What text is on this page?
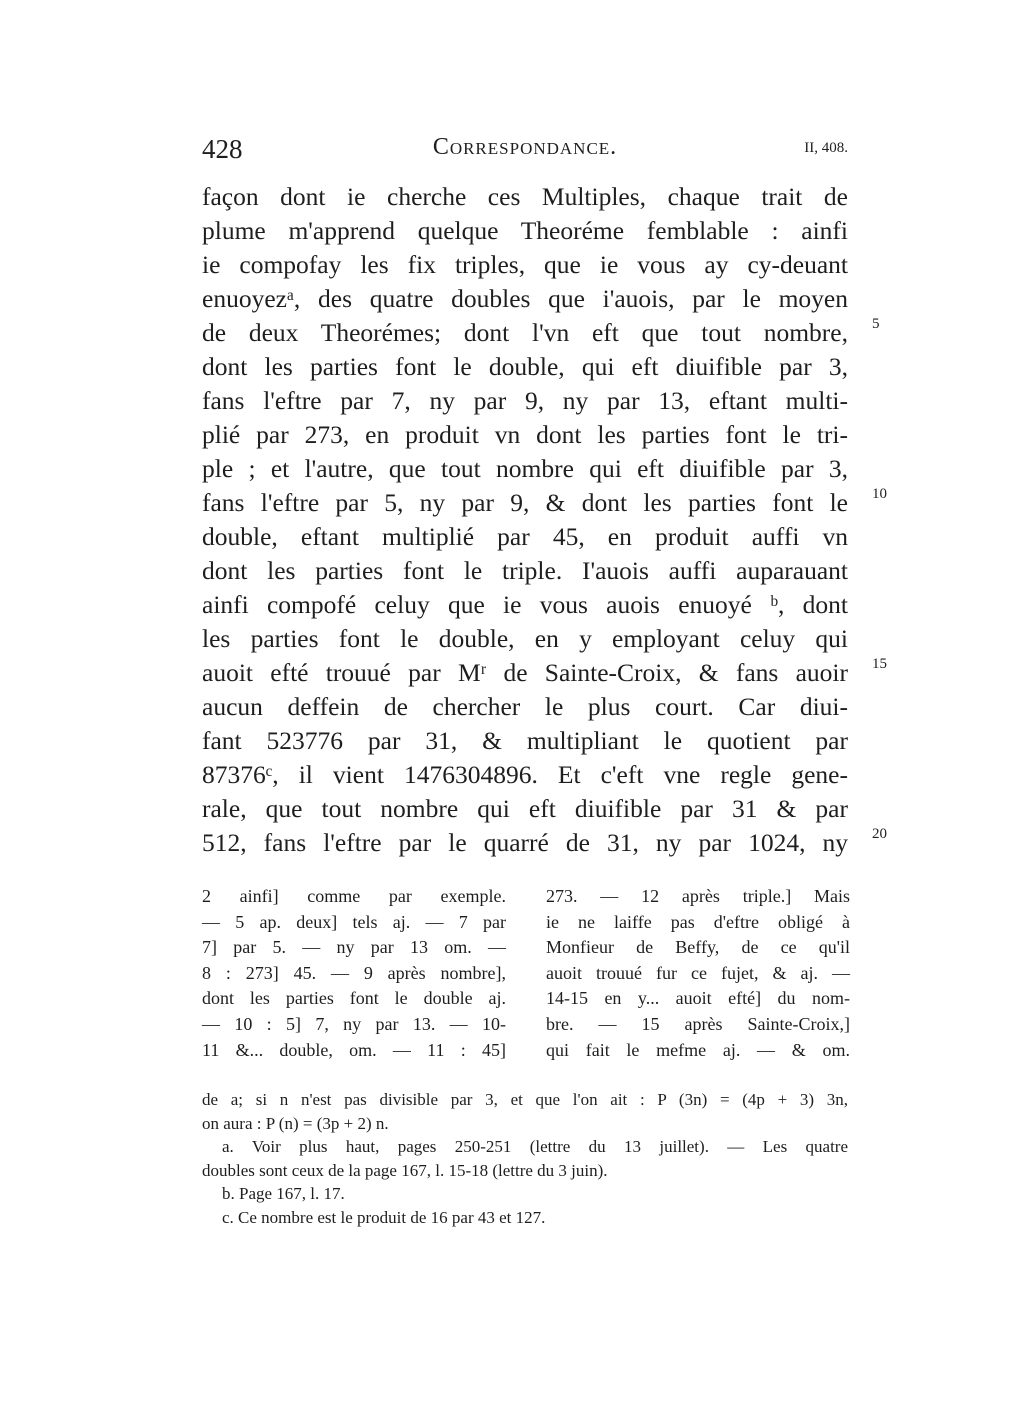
428	Correspondance.	II, 408.
façon dont ie cherche ces Multiples, chaque trait de
plume m'apprend quelque Theoréme femblable : ainfi
ie compofay les fix triples, que ie vous ay cy-deuant
enuoyezᵃ, des quatre doubles que i'auois, par le moyen
de deux Theorémes; dont l'vn eft que tout nombre,
dont les parties font le double, qui eft diuifible par 3,
fans l'eftre par 7, ny par 9, ny par 13, eftant multi-
plié par 273, en produit vn dont les parties font le tri-
ple ; et l'autre, que tout nombre qui eft diuifible par 3,
fans l'eftre par 5, ny par 9, & dont les parties font le
double, eftant multiplié par 45, en produit auffi vn
dont les parties font le triple. I'auois auffi auparauant
ainfi compofé celuy que ie vous auois enuoyé ᵇ, dont
les parties font le double, en y employant celuy qui
auoit efté trouué par Mʳ de Sainte-Croix, & fans auoir
aucun deffein de chercher le plus court. Car diui-
fant 523776 par 31, & multipliant le quotient par
87376ᶜ, il vient 1476304896. Et c'eft vne regle gene-
rale, que tout nombre qui eft diuifible par 31 & par
512, fans l'eftre par le quarré de 31, ny par 1024, ny
5
10
15
20
2 ainfi] comme par exemple.
— 5 ap. deux] tels aj. — 7 par
7] par 5. — ny par 13 om. —
8 : 273] 45. — 9 après nombre],
dont les parties font le double aj.
— 10 : 5] 7, ny par 13. — 10-
11 &... double, om. — 11 : 45]
273. — 12 après triple.] Mais
ie ne laiffe pas d'eftre obligé à
Monfieur de Beffy, de ce qu'il
auoit trouué fur ce fujet, & aj. —
14-15 en y... auoit efté] du nom-
bre. — 15 après Sainte-Croix,]
qui fait le mefme aj. — & om.
de a; si n n'est pas divisible par 3, et que l'on ait : P (3n) = (4p + 3) 3n,
on aura : P (n) = (3p + 2) n.
a. Voir plus haut, pages 250-251 (lettre du 13 juillet). — Les quatre
doubles sont ceux de la page 167, l. 15-18 (lettre du 3 juin).
b. Page 167, l. 17.
c. Ce nombre est le produit de 16 par 43 et 127.
